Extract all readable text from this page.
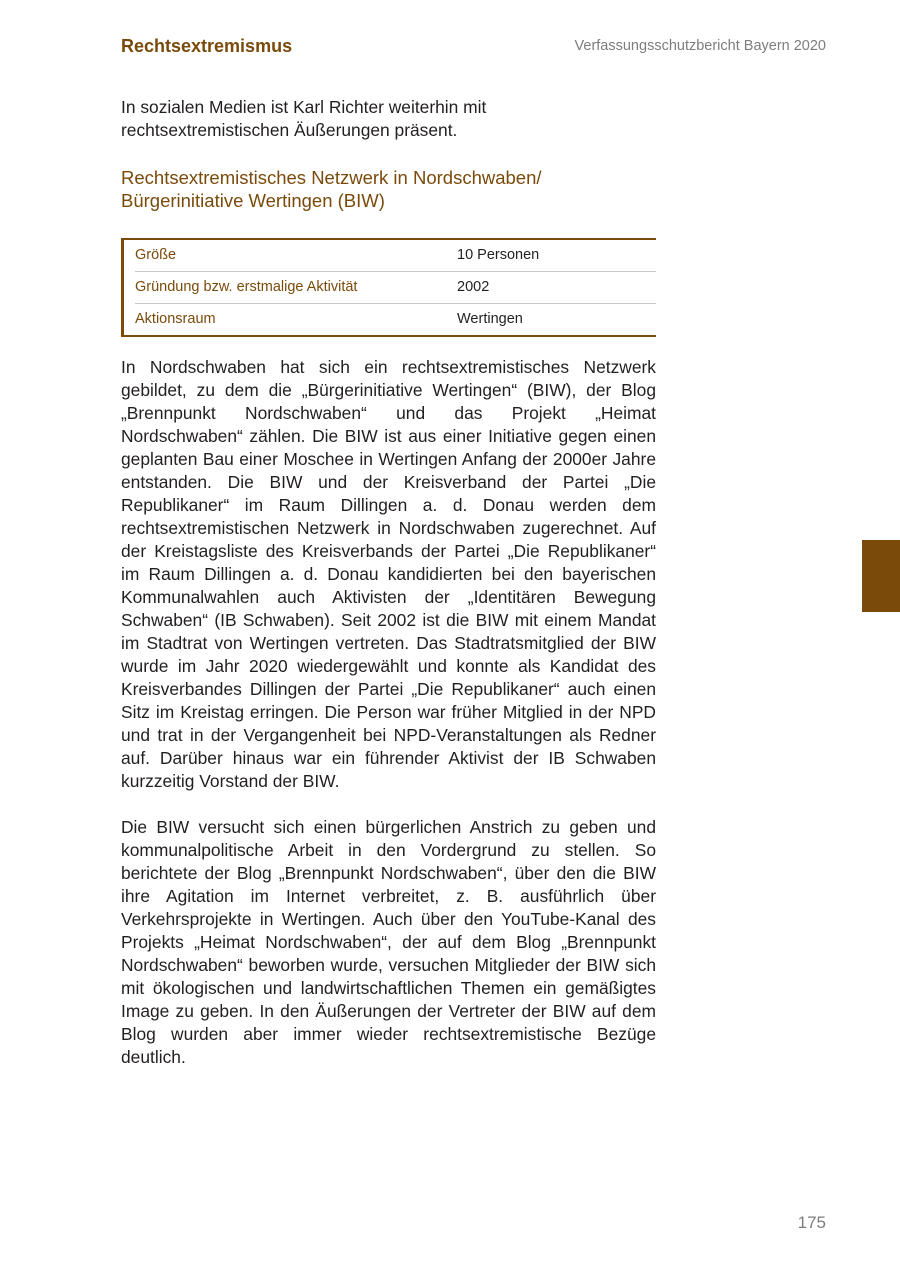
Rechtsextremismus	Verfassungsschutzbericht Bayern 2020

In sozialen Medien ist Karl Richter weiterhin mit rechtsextremistischen Äußerungen präsent.

Rechtsextremistisches Netzwerk in Nordschwaben/
Bürgerinitiative Wertingen (BIW)
Größe	10 Personen
Gründung bzw. erstmalige Aktivität	2002
Aktionsraum	Wertingen

In Nordschwaben hat sich ein rechtsextremistisches Netzwerk gebildet, zu dem die „Bürgerinitiative Wertingen“ (BIW), der Blog „Brennpunkt Nordschwaben“ und das Projekt „Heimat Nordschwaben“ zählen. Die BIW ist aus einer Initiative gegen einen geplanten Bau einer Moschee in Wertingen Anfang der 2000er Jahre entstanden. Die BIW und der Kreisverband der Partei „Die Republikaner“ im Raum Dillingen a. d. Donau werden dem rechtsextremistischen Netzwerk in Nordschwaben zugerechnet. Auf der Kreistagsliste des Kreisverbands der Partei „Die Republikaner“ im Raum Dillingen a. d. Donau kandidierten bei den bayerischen Kommunalwahlen auch Aktivisten der „Identitären Bewegung Schwaben“ (IB Schwaben). Seit 2002 ist die BIW mit einem Mandat im Stadtrat von Wertingen vertreten. Das Stadtratsmitglied der BIW wurde im Jahr 2020 wiedergewählt und konnte als Kandidat des Kreisverbandes Dillingen der Partei „Die Republikaner“ auch einen Sitz im Kreistag erringen. Die Person war früher Mitglied in der NPD und trat in der Vergangenheit bei NPD-Veranstaltungen als Redner auf. Darüber hinaus war ein führender Aktivist der IB Schwaben kurzzeitig Vorstand der BIW.

Die BIW versucht sich einen bürgerlichen Anstrich zu geben und kommunalpolitische Arbeit in den Vordergrund zu stellen. So berichtete der Blog „Brennpunkt Nordschwaben“, über den die BIW ihre Agitation im Internet verbreitet, z. B. ausführlich über Verkehrsprojekte in Wertingen. Auch über den YouTube-Kanal des Projekts „Heimat Nordschwaben“, der auf dem Blog „Brennpunkt Nordschwaben“ beworben wurde, versuchen Mitglieder der BIW sich mit ökologischen und landwirtschaftlichen Themen ein gemäßigtes Image zu geben. In den Äußerungen der Vertreter der BIW auf dem Blog wurden aber immer wieder rechtsextremistische Bezüge deutlich.

175
